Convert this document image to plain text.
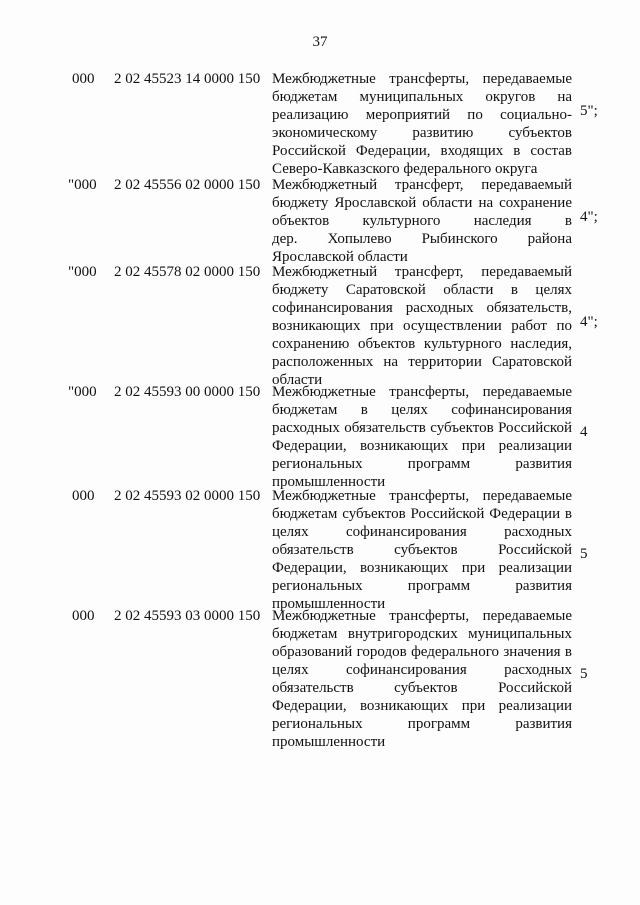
37
000 2 02 45523 14 0000 150 Межбюджетные трансферты, передаваемые
бюджетам муниципальных округов на
реализацию мероприятий по социально-
экономическому развитию субъектов
Российской Федерации, входящих в состав
Северо-Кавказского федерального округа
5";
"000 2 02 45556 02 0000 150 Межбюджетный трансферт, передаваемый
бюджету Ярославской области на сохранение
объектов культурного наследия в
дер. Хопылево Рыбинского района
Ярославской области
4";
"000 2 02 45578 02 0000 150 Межбюджетный трансферт, передаваемый
бюджету Саратовской области в целях
софинансирования расходных обязательств,
возникающих при осуществлении работ по
сохранению объектов культурного наследия,
расположенных на территории Саратовской
области
4";
"000 2 02 45593 00 0000 150 Межбюджетные трансферты, передаваемые
бюджетам в целях софинансирования
расходных обязательств субъектов Российской
Федерации, возникающих при реализации
региональных программ развития
промышленности
4
000 2 02 45593 02 0000 150 Межбюджетные трансферты, передаваемые
бюджетам субъектов Российской Федерации в
целях софинансирования расходных
обязательств субъектов Российской
Федерации, возникающих при реализации
региональных программ развития
промышленности
5
000 2 02 45593 03 0000 150 Межбюджетные трансферты, передаваемые
бюджетам внутригородских муниципальных
образований городов федерального значения в
целях софинансирования расходных
обязательств субъектов Российской
Федерации, возникающих при реализации
региональных программ развития
промышленности
5
